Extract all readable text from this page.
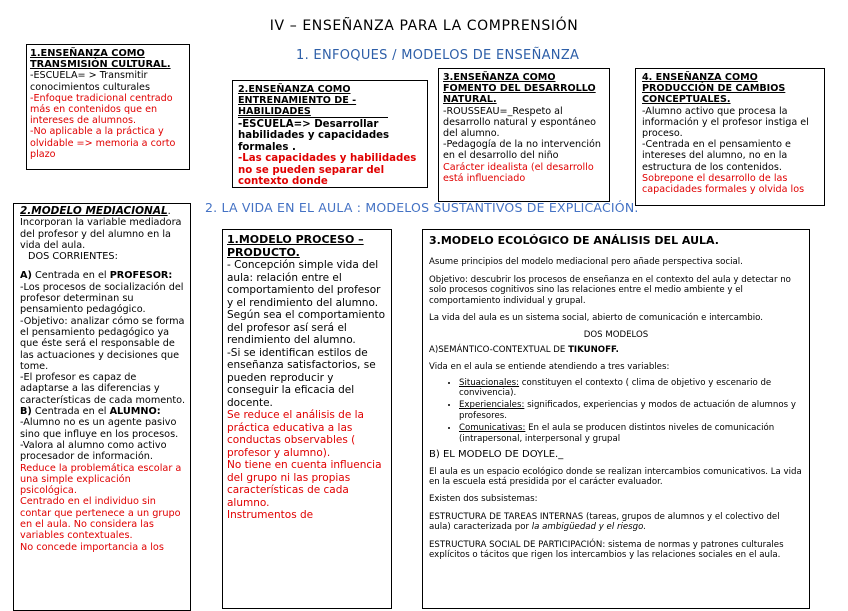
IV – ENSEÑANZA PARA LA COMPRENSIÓN
1. ENFOQUES / MODELOS DE ENSEÑANZA

1.ENSEÑANZA COMO TRANSMISIÓN CULTURAL.

-ESCUELA= > Transmitir conocimientos culturales

-Enfoque tradicional centrado más en contenidos que en intereses de alumnos.

-No aplicable a la práctica y olvidable => memoria a corto plazo

2.ENSEÑANZA COMO ENTRENAMIENTO DE -HABILIDADES

-ESCUELA=> Desarrollar habilidades y capacidades formales .

-Las capacidades y habilidades no se pueden separar del contexto donde

3.ENSEÑANZA COMO FOMENTO DEL DESARROLLO NATURAL.

-ROUSSEAU=_Respeto al desarrollo natural y espontáneo del alumno.

-Pedagogía de la no intervención en el desarrollo del niño

Carácter idealista (el desarrollo está influenciado

4. ENSEÑANZA COMO PRODUCCIÓN DE CAMBIOS CONCEPTUALES.

-Alumno activo que procesa la información y el profesor instiga el proceso.

-Centrada en el pensamiento e intereses del alumno, no en la estructura de los contenidos.

Sobrepone el desarrollo de las capacidades formales y olvida los

2. LA VIDA EN EL AULA : MODELOS SUSTANTIVOS DE EXPLICACIÓN.

2.MODELO MEDIACIONAL.

Incorporan la variable mediadora del profesor y del alumno en la vida del aula.

DOS CORRIENTES:

A) Centrada en el PROFESOR:

-Los procesos de socialización del profesor determinan su pensamiento pedagógico.

-Objetivo: analizar cómo se forma el pensamiento pedagógico ya que éste será el responsable de las actuaciones y decisiones que tome.

-El profesor es capaz de adaptarse a las diferencias y características de cada momento.

B) Centrada en el ALUMNO:

-Alumno no es un agente pasivo sino que influye en los procesos.

-Valora al alumno como activo procesador de información.

Reduce la problemática escolar a una simple explicación psicológica.

Centrado en el individuo sin contar que pertenece a un grupo en el aula. No considera las variables contextuales.

No concede importancia a los

1.MODELO PROCESO – PRODUCTO.

- Concepción simple vida del aula: relación entre el comportamiento del profesor y el rendimiento del alumno.

Según sea el comportamiento del profesor así será el rendimiento del alumno.

-Si se identifican estilos de enseñanza satisfactorios, se pueden reproducir y conseguir la eficacia del docente.

Se reduce el análisis de la práctica educativa a las conductas observables ( profesor y alumno).

No tiene en cuenta influencia del grupo ni las propias características de cada alumno.

Instrumentos de

3.MODELO ECOLÓGICO DE ANÁLISIS DEL AULA.

Asume principios del modelo mediacional pero añade perspectiva social.

Objetivo: descubrir los procesos de enseñanza en el contexto del aula y detectar no solo procesos cognitivos sino las relaciones entre el medio ambiente y el comportamiento individual y grupal.

La vida del aula es un sistema social, abierto de comunicación e intercambio.

DOS MODELOS

A)SEMÁNTICO-CONTEXTUAL DE TIKUNOFF.

Vida en el aula se entiende atendiendo a tres variables:

• Situacionales: constituyen el contexto ( clima de objetivo y escenario de convivencia).
• Experienciales: significados, experiencias y modos de actuación de alumnos y profesores.
• Comunicativas: En el aula se producen distintos niveles de comunicación (intrapersonal, interpersonal y grupal

B) EL MODELO DE DOYLE._

El aula es un espacio ecológico donde se realizan intercambios comunicativos. La vida en la escuela está presidida por el carácter evaluador.

Existen dos subsistemas:

ESTRUCTURA DE TAREAS INTERNAS (tareas, grupos de alumnos y el colectivo del aula) caracterizada por la ambigüedad y el riesgo.

ESTRUCTURA SOCIAL DE PARTICIPACIÓN: sistema de normas y patrones culturales explícitos o tácitos que rigen los intercambios y las relaciones sociales en el aula.
